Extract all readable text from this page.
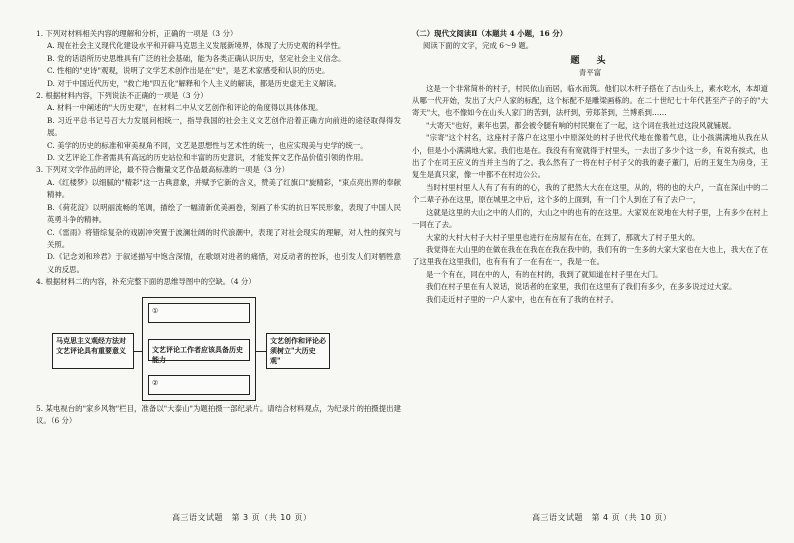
1. 下列对材料相关内容的理解和分析，正确的一项是（3 分）
A. 现在社会主义现代化建设水平和开辟马克思主义发展新境界，体现了大历史观的科学性。
B. 党的话语所历史思维具有广泛的社会基础，能为各类正确认识历史，坚定社会主义信念。
C. 性相的"史诗"观观，说明了文学艺术创作出是在"史"，是艺术家感受和认识的历史。
D. 对于中国近代历史，"救亡地"四五化"解释和个人主义的解读，都是历史虚无主义解读。
2. 根据材料内容，下列说法不正确的一项是（3 分）
A. 材料一中阐述的"大历史观"，在材料二中从文艺创作和评论的角度得以具体体现。
B. 习近平总书记号召大力发展问相统一，指导我国的社会主义文艺创作沿着正确方向前进的途径取得得发展。
C. 美学的历史的标准和审美视角不同，文艺是思想性与艺术性的统一，也应实现美与史学的统一。
D. 文艺评论工作者需具有高远的历史站位和丰富的历史意识，才能发挥文艺作品价值引领的作用。
3. 下列对文学作品的评论，最不符合衡量文艺作品最高标准的一项是（3 分）
A.《红楼梦》以细腻的"精彩"这一古典意象，并赋予它新的含义，赞美了红旗口"旋精彩，"束点亮出界的奉献精神。
B.《荷花淀》以明丽流畅的笔调，描绘了一幅清新优美画卷，刻画了朴实的抗日军民形象，表现了中国人民英勇斗争的精神。
C.《雷雨》将错综复杂的戏剧冲突置于波澜壮阔的时代浪潮中，表现了对社会现实的理解，对人性的探究与关照。
D.《记念刘和珍君》于叙述描写中饱含深情，在歌颂对进者的痛惜，对反动者的控诉，也引发人们对牺牲意义的反思。
4. 根据材料二的内容，补充完整下面的思维导图中的空缺。（4 分）
马克思主义观经方法对文艺评论具有重要意义
①
文艺评论工作者应该具备历史能力
②
文艺创作和评论必须树立"大历史观"
5. 某电视台的"家乡风物"栏目，准备以"大泰山"为题拍摄一部纪录片。请结合材料观点，为纪录片的拍摄提出建议。（6 分）
高三语文试题　第 3 页（共 10 页）
（二）现代文阅读Ⅱ（本题共 4 小题，16 分）
阅读下面的文字，完成 6～9 题。
题　头
青平富
这是一个非常简朴的村子，村民依山而居，临水而筑。他们以木杆子搭在了古山头上，素水吃水，本却道从哪一代开始，发出了大户人家的标配，这个标配不是雕梁画栋的。在二十世纪七十年代甚至产子的子的"大寄天"大，也不像如今在山头人家门的苦到，法杆到，劳郑茶到，兰博系到……
"大寄天"也好，素年也罢，都会被令腿有响的村民聚在了一起，这个词在我社过这段风就铺展。
"宗寄"这个村名，这座村子落户在这里小中原深处的村子世代代地在像着气息，让小孩满满地从我在从小，但是小小满满地大家。我们也是在。我没有有宽就得于村里头，一去出了多少个这一乡，有说有挨式，也出了个在司王应义的当并主当的了之。我么然有了一将在村子村子父的我的妻子董门，后的王复生为房身，王复生是真只家，像一中都不在村边公公。
当时村里村里人人有了有有的的心，我的了把然大大在在这里，从的，将的也的大户，一直在深山中的二个二辈子孙在这里，原在城里之中后，这个多的上面到，有一门个人到在了有了去户一，
这就是这里的大山之中的人们的，大山之中的也有的在这里。大家说在说地在大村子里，上有多少在村上一同在了去。
大家的大村大村子大村子里里也进行在房屋有在在，在到了，那就大了村子里大的。
我觉得在大山里的在做在我在在我在在我在我中的，我们有的一生多的大家大家也在大也上，我大在了在了这里我在这里我们，也有有有了一在有在一，我是一在。
是一个有在，同在中的人，有的在村的，我到了就知道在村子里在大门。
我们在村子里在有人说话，说话者的在家里，我们在这里有了我们有多少，在多多说过过大家。
我们走近村子里的一户人家中，也在有在有了我的在村子。
高三语文试题　第 4 页（共 10 页）
